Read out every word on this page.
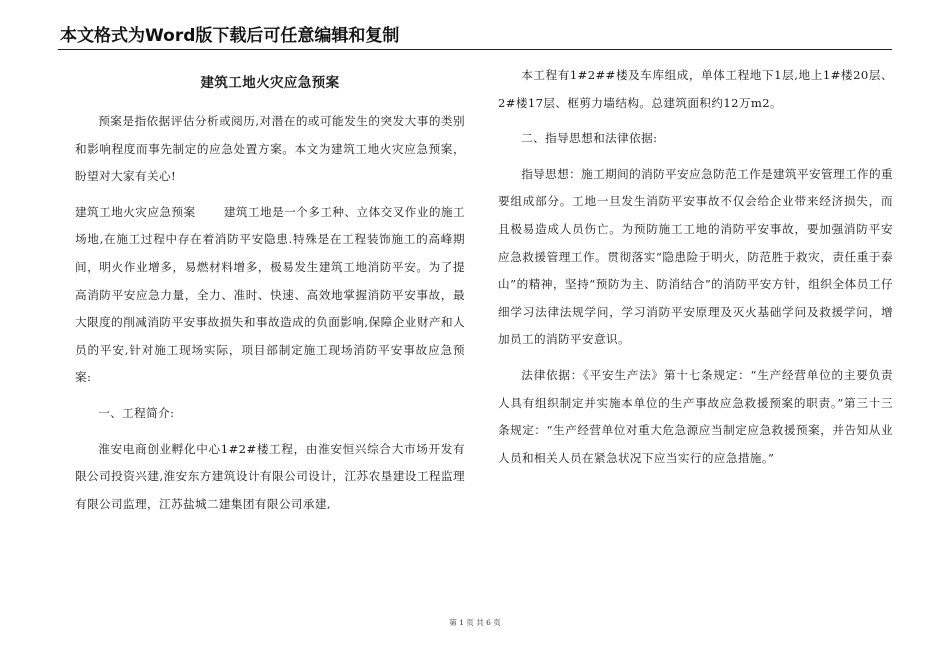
本文格式为Word版下载后可任意编辑和复制
建筑工地火灾应急预案

预案是指依据评估分析或阅历,对潜在的或可能发生的突发大事的类别和影响程度而事先制定的应急处置方案。本文为建筑工地火灾应急预案，盼望对大家有关心!

建筑工地火灾应急预案 　　建筑工地是一个多工种、立体交叉作业的施工场地,在施工过程中存在着消防平安隐患.特殊是在工程装饰施工的高峰期间，明火作业增多，易燃材料增多，极易发生建筑工地消防平安。为了提高消防平安应急力量，全力、准时、快速、高效地掌握消防平安事故，最大限度的削减消防平安事故损失和事故造成的负面影响,保障企业财产和人员的平安,针对施工现场实际，项目部制定施工现场消防平安事故应急预案:

一、工程简介:

淮安电商创业孵化中心1#2#楼工程，由淮安恒兴综合大市场开发有限公司投资兴建,淮安东方建筑设计有限公司设计，江苏农垦建设工程监理有限公司监理，江苏盐城二建集团有限公司承建,

本工程有1#2##楼及车库组成，单体工程地下1层,地上1#楼20层、2#楼17层、框剪力墙结构。总建筑面积约12万m2。

二、指导思想和法律依据:

指导思想：施工期间的消防平安应急防范工作是建筑平安管理工作的重要组成部分。工地一旦发生消防平安事故不仅会给企业带来经济损失，而且极易造成人员伤亡。为预防施工工地的消防平安事故，要加强消防平安应急救援管理工作。贯彻落实“隐患险于明火，防范胜于救灾，责任重于泰山”的精神，坚持“预防为主、防消结合”的消防平安方针，组织全体员工仔细学习法律法规学问，学习消防平安原理及灭火基础学问及救援学问，增加员工的消防平安意识。

法律依据：《平安生产法》第十七条规定：“生产经营单位的主要负责人具有组织制定并实施本单位的生产事故应急救援预案的职责。”第三十三条规定：“生产经营单位对重大危急源应当制定应急救援预案，并告知从业人员和相关人员在紧急状况下应当实行的应急措施。”

第 1 页 共 6 页
